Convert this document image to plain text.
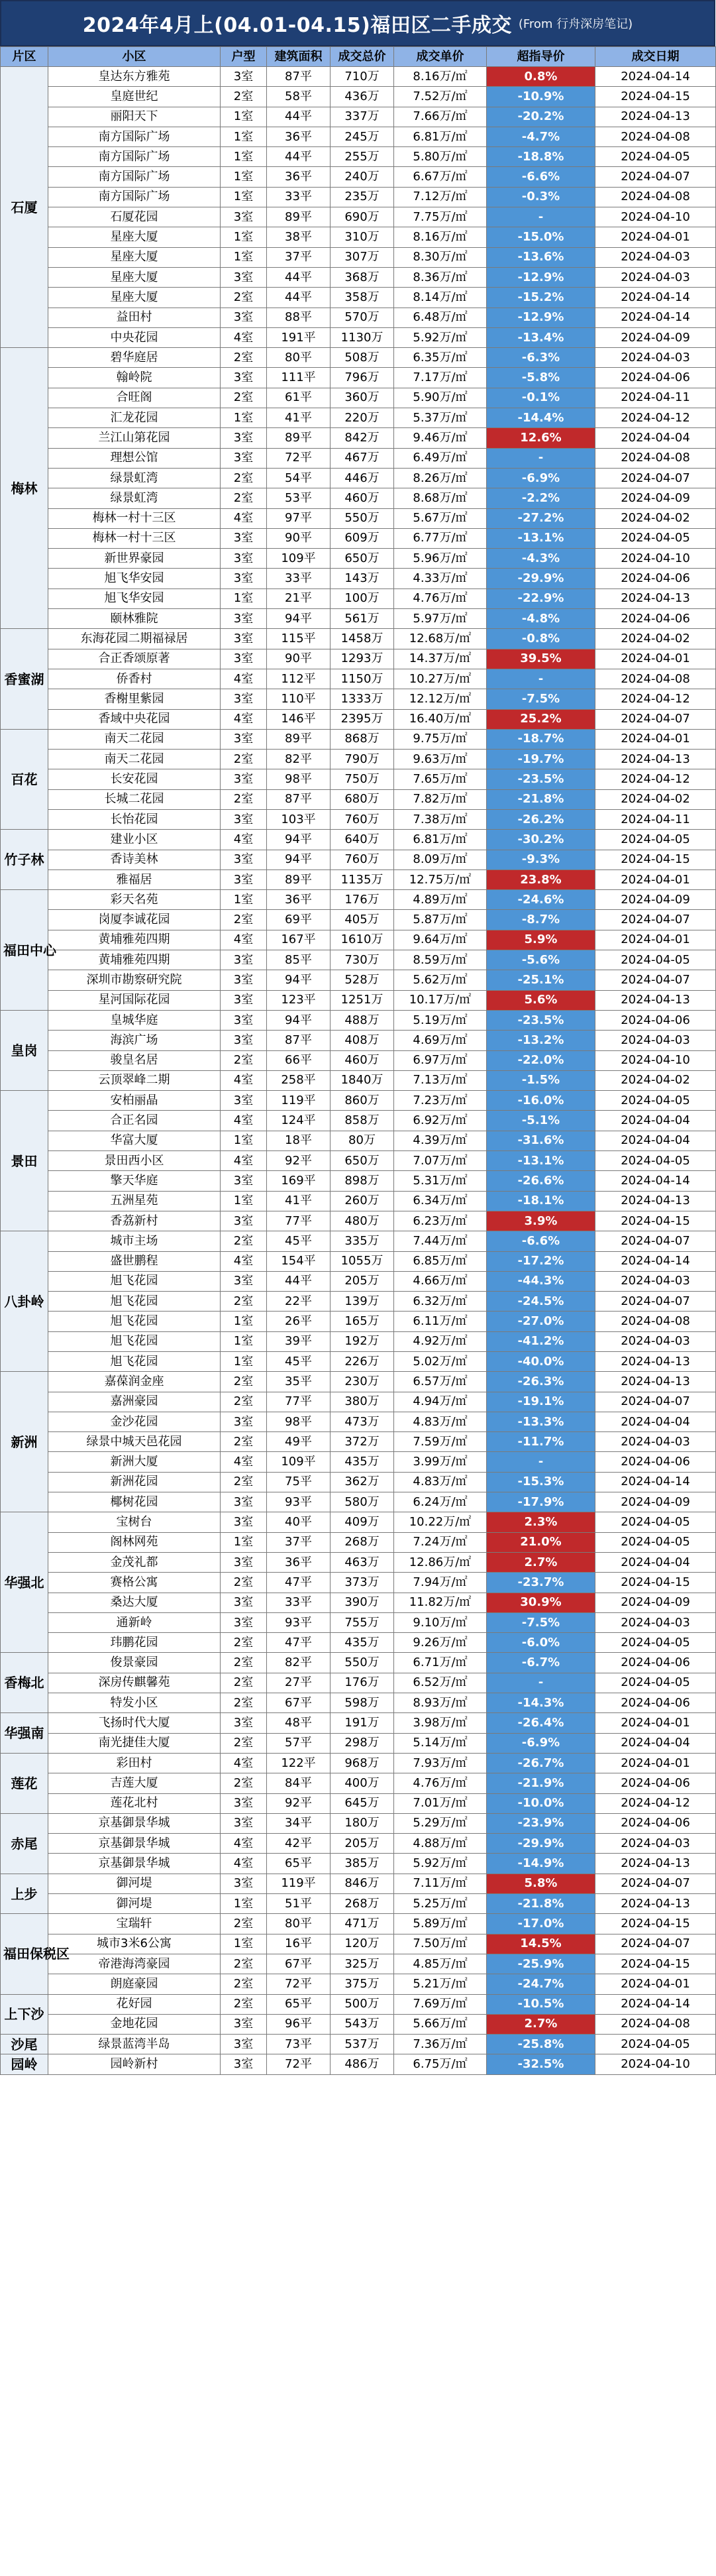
2024年4月上(04.01-04.15)福田区二手成交 (From 行舟深房笔记)
片区	小区	户型	建筑面积	成交总价	成交单价	超指导价	成交日期
石厦	皇达东方雅苑	3室	87平	710万	8.16万/㎡	0.8%	2024-04-14
	皇庭世纪	2室	58平	436万	7.52万/㎡	-10.9%	2024-04-15
	丽阳天下	1室	44平	337万	7.66万/㎡	-20.2%	2024-04-13
	南方国际广场	1室	36平	245万	6.81万/㎡	-4.7%	2024-04-08
	南方国际广场	1室	44平	255万	5.80万/㎡	-18.8%	2024-04-05
	南方国际广场	1室	36平	240万	6.67万/㎡	-6.6%	2024-04-07
	南方国际广场	1室	33平	235万	7.12万/㎡	-0.3%	2024-04-08
	石厦花园	3室	89平	690万	7.75万/㎡	-	2024-04-10
	星座大厦	1室	38平	310万	8.16万/㎡	-15.0%	2024-04-01
	星座大厦	1室	37平	307万	8.30万/㎡	-13.6%	2024-04-03
	星座大厦	3室	44平	368万	8.36万/㎡	-12.9%	2024-04-03
	星座大厦	2室	44平	358万	8.14万/㎡	-15.2%	2024-04-14
	益田村	3室	88平	570万	6.48万/㎡	-12.9%	2024-04-14
	中央花园	4室	191平	1130万	5.92万/㎡	-13.4%	2024-04-09
梅林	碧华庭居	2室	80平	508万	6.35万/㎡	-6.3%	2024-04-03
	翰岭院	3室	111平	796万	7.17万/㎡	-5.8%	2024-04-06
	合旺阁	2室	61平	360万	5.90万/㎡	-0.1%	2024-04-11
	汇龙花园	1室	41平	220万	5.37万/㎡	-14.4%	2024-04-12
	兰江山第花园	3室	89平	842万	9.46万/㎡	12.6%	2024-04-04
	理想公馆	3室	72平	467万	6.49万/㎡	-	2024-04-08
	绿景虹湾	2室	54平	446万	8.26万/㎡	-6.9%	2024-04-07
	绿景虹湾	2室	53平	460万	8.68万/㎡	-2.2%	2024-04-09
	梅林一村十三区	4室	97平	550万	5.67万/㎡	-27.2%	2024-04-02
	梅林一村十三区	3室	90平	609万	6.77万/㎡	-13.1%	2024-04-05
	新世界豪园	3室	109平	650万	5.96万/㎡	-4.3%	2024-04-10
	旭飞华安园	3室	33平	143万	4.33万/㎡	-29.9%	2024-04-06
	旭飞华安园	1室	21平	100万	4.76万/㎡	-22.9%	2024-04-13
	颐林雅院	3室	94平	561万	5.97万/㎡	-4.8%	2024-04-06
香蜜湖	东海花园二期福禄居	3室	115平	1458万	12.68万/㎡	-0.8%	2024-04-02
	合正香颂原著	3室	90平	1293万	14.37万/㎡	39.5%	2024-04-01
	侨香村	4室	112平	1150万	10.27万/㎡	-	2024-04-08
	香榭里紫园	3室	110平	1333万	12.12万/㎡	-7.5%	2024-04-12
	香域中央花园	4室	146平	2395万	16.40万/㎡	25.2%	2024-04-07
百花	南天二花园	3室	89平	868万	9.75万/㎡	-18.7%	2024-04-01
	南天二花园	2室	82平	790万	9.63万/㎡	-19.7%	2024-04-13
	长安花园	3室	98平	750万	7.65万/㎡	-23.5%	2024-04-12
	长城二花园	2室	87平	680万	7.82万/㎡	-21.8%	2024-04-02
	长怡花园	3室	103平	760万	7.38万/㎡	-26.2%	2024-04-11
竹子林	建业小区	4室	94平	640万	6.81万/㎡	-30.2%	2024-04-05
	香诗美林	3室	94平	760万	8.09万/㎡	-9.3%	2024-04-15
	雅福居	3室	89平	1135万	12.75万/㎡	23.8%	2024-04-01
福田中心	彩天名苑	1室	36平	176万	4.89万/㎡	-24.6%	2024-04-09
	岗厦李诚花园	2室	69平	405万	5.87万/㎡	-8.7%	2024-04-07
	黄埔雅苑四期	4室	167平	1610万	9.64万/㎡	5.9%	2024-04-01
	黄埔雅苑四期	3室	85平	730万	8.59万/㎡	-5.6%	2024-04-05
	深圳市勘察研究院	3室	94平	528万	5.62万/㎡	-25.1%	2024-04-07
	星河国际花园	3室	123平	1251万	10.17万/㎡	5.6%	2024-04-13
皇岗	皇城华庭	3室	94平	488万	5.19万/㎡	-23.5%	2024-04-06
	海滨广场	3室	87平	408万	4.69万/㎡	-13.2%	2024-04-03
	骏皇名居	2室	66平	460万	6.97万/㎡	-22.0%	2024-04-10
	云顶翠峰二期	4室	258平	1840万	7.13万/㎡	-1.5%	2024-04-02
景田	安柏丽晶	3室	119平	860万	7.23万/㎡	-16.0%	2024-04-05
	合正名园	4室	124平	858万	6.92万/㎡	-5.1%	2024-04-04
	华富大厦	1室	18平	80万	4.39万/㎡	-31.6%	2024-04-04
	景田西小区	4室	92平	650万	7.07万/㎡	-13.1%	2024-04-05
	擎天华庭	3室	169平	898万	5.31万/㎡	-26.6%	2024-04-14
	五洲星苑	1室	41平	260万	6.34万/㎡	-18.1%	2024-04-13
	香荔新村	3室	77平	480万	6.23万/㎡	3.9%	2024-04-15
八卦岭	城市主场	2室	45平	335万	7.44万/㎡	-6.6%	2024-04-07
	盛世鹏程	4室	154平	1055万	6.85万/㎡	-17.2%	2024-04-14
	旭飞花园	3室	44平	205万	4.66万/㎡	-44.3%	2024-04-03
	旭飞花园	2室	22平	139万	6.32万/㎡	-24.5%	2024-04-07
	旭飞花园	1室	26平	165万	6.11万/㎡	-27.0%	2024-04-08
	旭飞花园	1室	39平	192万	4.92万/㎡	-41.2%	2024-04-03
	旭飞花园	1室	45平	226万	5.02万/㎡	-40.0%	2024-04-13
新洲	嘉葆润金座	2室	35平	230万	6.57万/㎡	-26.3%	2024-04-13
	嘉洲豪园	2室	77平	380万	4.94万/㎡	-19.1%	2024-04-07
	金沙花园	3室	98平	473万	4.83万/㎡	-13.3%	2024-04-04
	绿景中城天邑花园	2室	49平	372万	7.59万/㎡	-11.7%	2024-04-03
	新洲大厦	4室	109平	435万	3.99万/㎡	-	2024-04-06
	新洲花园	2室	75平	362万	4.83万/㎡	-15.3%	2024-04-14
	椰树花园	3室	93平	580万	6.24万/㎡	-17.9%	2024-04-09
华强北	宝树台	3室	40平	409万	10.22万/㎡	2.3%	2024-04-05
	阁林网苑	1室	37平	268万	7.24万/㎡	21.0%	2024-04-05
	金茂礼都	3室	36平	463万	12.86万/㎡	2.7%	2024-04-04
	赛格公寓	2室	47平	373万	7.94万/㎡	-23.7%	2024-04-15
	桑达大厦	3室	33平	390万	11.82万/㎡	30.9%	2024-04-09
	通新岭	3室	93平	755万	9.10万/㎡	-7.5%	2024-04-03
	玮鹏花园	2室	47平	435万	9.26万/㎡	-6.0%	2024-04-05
香梅北	俊景豪园	2室	82平	550万	6.71万/㎡	-6.7%	2024-04-06
	深房传麒馨苑	2室	27平	176万	6.52万/㎡	-	2024-04-05
	特发小区	2室	67平	598万	8.93万/㎡	-14.3%	2024-04-06
华强南	飞扬时代大厦	3室	48平	191万	3.98万/㎡	-26.4%	2024-04-01
	南光捷佳大厦	2室	57平	298万	5.14万/㎡	-6.9%	2024-04-04
莲花	彩田村	4室	122平	968万	7.93万/㎡	-26.7%	2024-04-01
	吉莲大厦	2室	84平	400万	4.76万/㎡	-21.9%	2024-04-06
	莲花北村	3室	92平	645万	7.01万/㎡	-10.0%	2024-04-12
赤尾	京基御景华城	3室	34平	180万	5.29万/㎡	-23.9%	2024-04-06
	京基御景华城	4室	42平	205万	4.88万/㎡	-29.9%	2024-04-03
	京基御景华城	4室	65平	385万	5.92万/㎡	-14.9%	2024-04-13
上步	御河堤	3室	119平	846万	7.11万/㎡	5.8%	2024-04-07
	御河堤	1室	51平	268万	5.25万/㎡	-21.8%	2024-04-13
福田保税区	宝瑞轩	2室	80平	471万	5.89万/㎡	-17.0%	2024-04-15
	城市3米6公寓	1室	16平	120万	7.50万/㎡	14.5%	2024-04-07
	帝港海湾豪园	2室	67平	325万	4.85万/㎡	-25.9%	2024-04-15
	朗庭豪园	2室	72平	375万	5.21万/㎡	-24.7%	2024-04-01
上下沙	花好园	2室	65平	500万	7.69万/㎡	-10.5%	2024-04-14
	金地花园	3室	96平	543万	5.66万/㎡	2.7%	2024-04-08
沙尾	绿景蓝湾半岛	3室	73平	537万	7.36万/㎡	-25.8%	2024-04-05
园岭	园岭新村	3室	72平	486万	6.75万/㎡	-32.5%	2024-04-10
